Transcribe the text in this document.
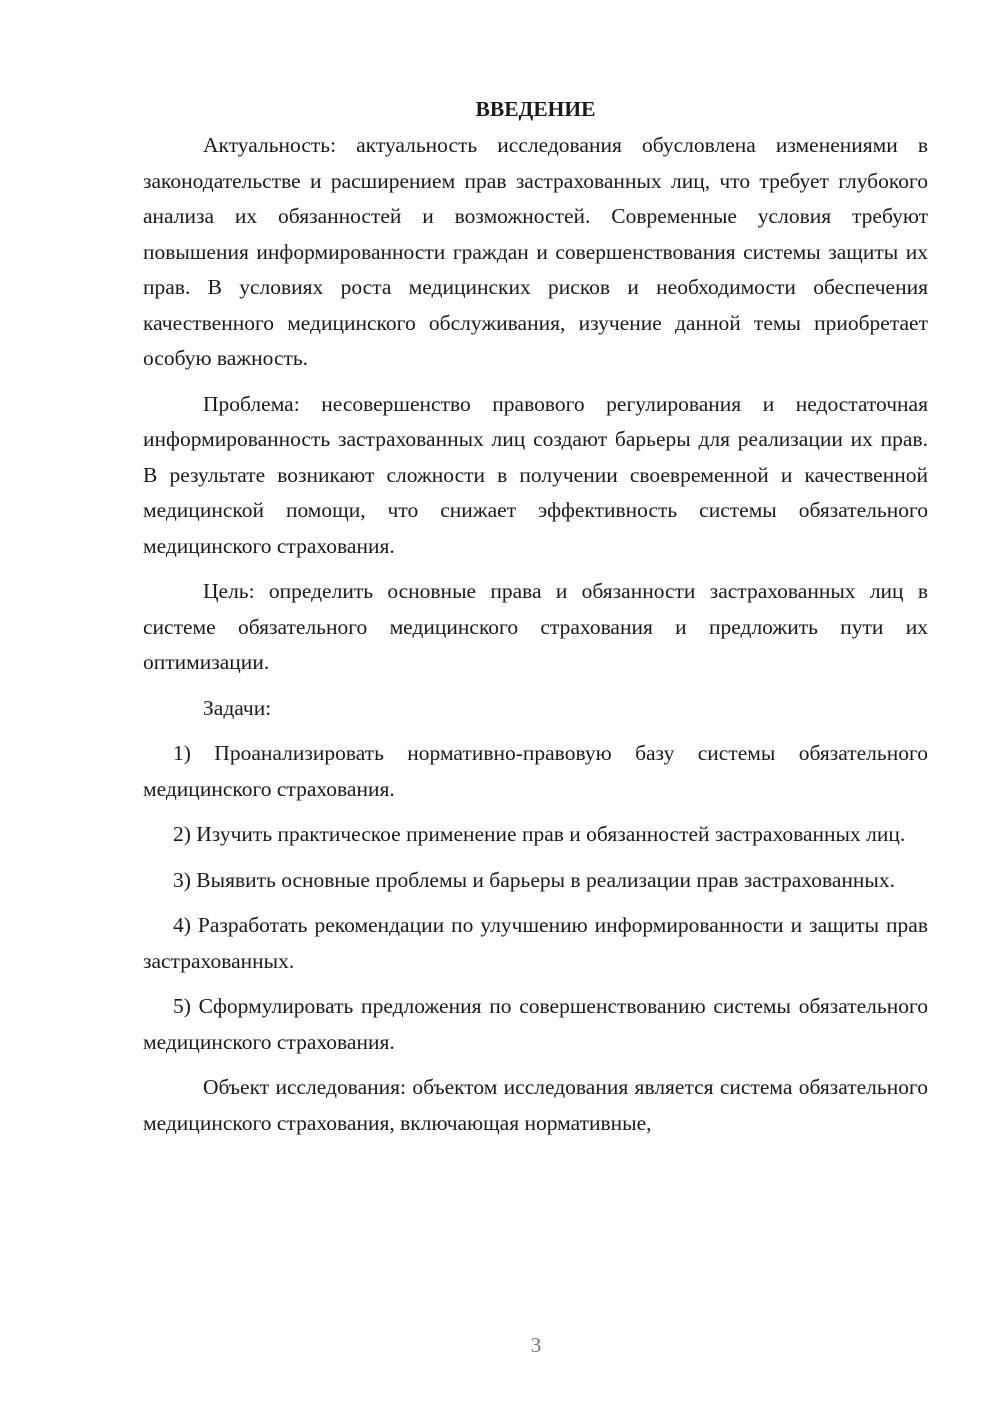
ВВЕДЕНИЕ

Актуальность: актуальность исследования обусловлена изменениями в законодательстве и расширением прав застрахованных лиц, что требует глубокого анализа их обязанностей и возможностей. Современные условия требуют повышения информированности граждан и совершенствования системы защиты их прав. В условиях роста медицинских рисков и необходимости обеспечения качественного медицинского обслуживания, изучение данной темы приобретает особую важность.

Проблема: несовершенство правового регулирования и недостаточная информированность застрахованных лиц создают барьеры для реализации их прав. В результате возникают сложности в получении своевременной и качественной медицинской помощи, что снижает эффективность системы обязательного медицинского страхования.

Цель: определить основные права и обязанности застрахованных лиц в системе обязательного медицинского страхования и предложить пути их оптимизации.

Задачи:

1) Проанализировать нормативно-правовую базу системы обязательного медицинского страхования.

2) Изучить практическое применение прав и обязанностей застрахованных лиц.

3) Выявить основные проблемы и барьеры в реализации прав застрахованных.

4) Разработать рекомендации по улучшению информированности и защиты прав застрахованных.

5) Сформулировать предложения по совершенствованию системы обязательного медицинского страхования.

Объект исследования: объектом исследования является система обязательного медицинского страхования, включающая нормативные,

3
